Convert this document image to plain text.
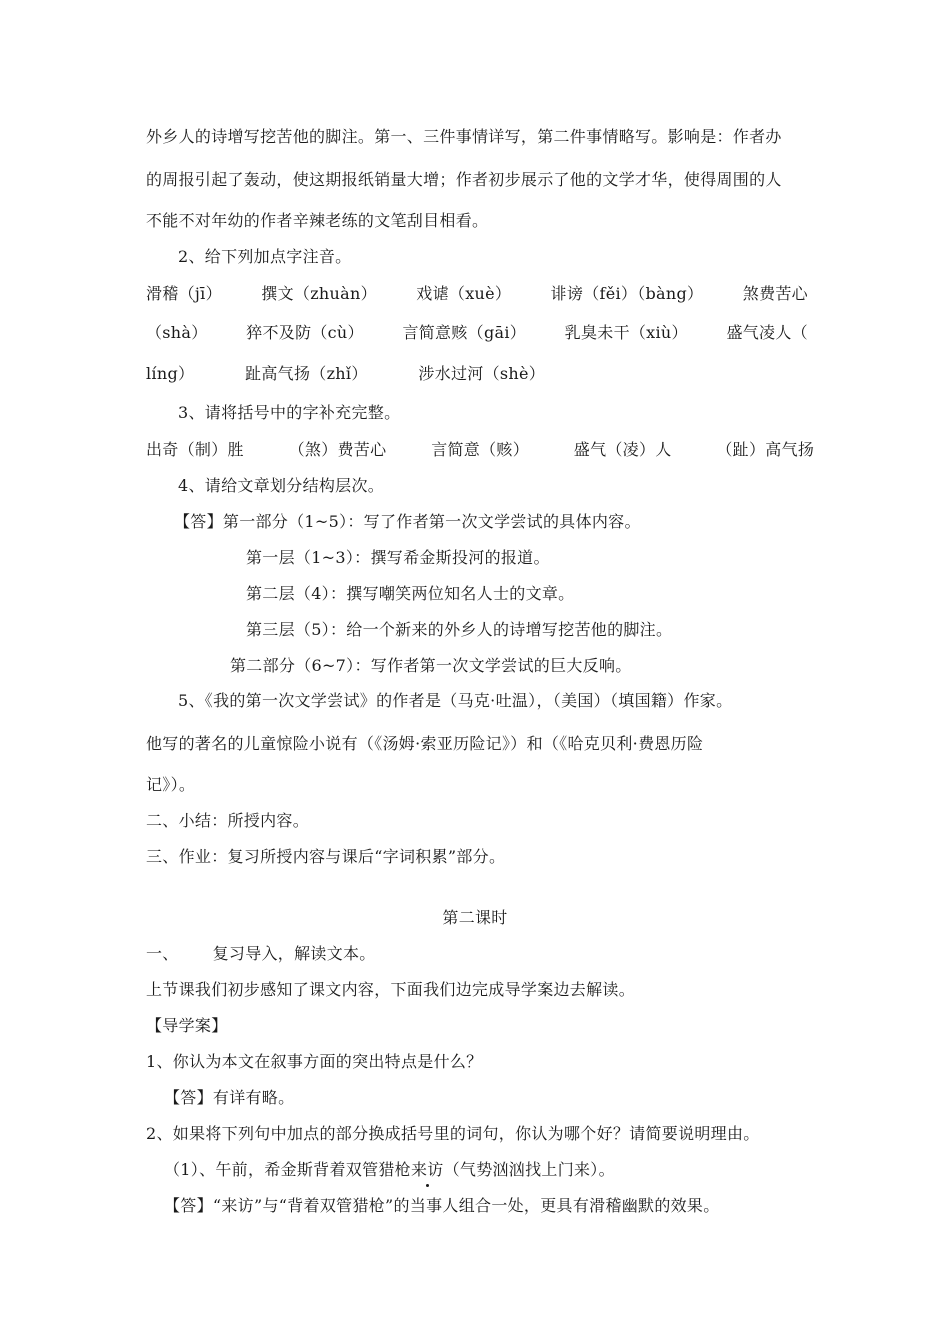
外乡人的诗增写挖苦他的脚注。第一、三件事情详写，第二件事情略写。影响是：作者办
的周报引起了轰动，使这期报纸销量大增；作者初步展示了他的文学才华，使得周围的人
不能不对年幼的作者辛辣老练的文笔刮目相看。
2、给下列加点字注音。
滑稽（jī） 撰文（zhuàn） 戏谑（xuè） 诽谤（fěi）（bàng） 煞费苦心
（shà） 猝不及防（cù） 言简意赅（gāi） 乳臭未干（xiù） 盛气凌人（
líng）	趾高气扬（zhǐ）	涉水过河（shè）
3、请将括号中的字补充完整。
出奇（制）胜	（煞）费苦心	言简意（赅）	盛气（凌）人	（趾）高气扬
4、请给文章划分结构层次。
【答】第一部分（1~5）：写了作者第一次文学尝试的具体内容。
第一层（1~3）：撰写希金斯投河的报道。
第二层（4）：撰写嘲笑两位知名人士的文章。
第三层（5）：给一个新来的外乡人的诗增写挖苦他的脚注。
第二部分（6~7）：写作者第一次文学尝试的巨大反响。
5、《我的第一次文学尝试》的作者是（马克·吐温），（美国）（填国籍）作家。
他写的著名的儿童惊险小说有（《汤姆·索亚历险记》）和（《哈克贝利·费恩历险
记》）。
二、小结：所授内容。
三、作业：复习所授内容与课后“字词积累”部分。
第二课时
一、 复习导入，解读文本。
上节课我们初步感知了课文内容，下面我们边完成导学案边去解读。
【导学案】
1、你认为本文在叙事方面的突出特点是什么？
【答】有详有略。
2、如果将下列句中加点的部分换成括号里的词句，你认为哪个好？请简要说明理由。
（1）、午前，希金斯背着双管猎枪来访（气势汹汹找上门来）。
【答】“来访”与“背着双管猎枪”的当事人组合一处，更具有滑稽幽默的效果。
